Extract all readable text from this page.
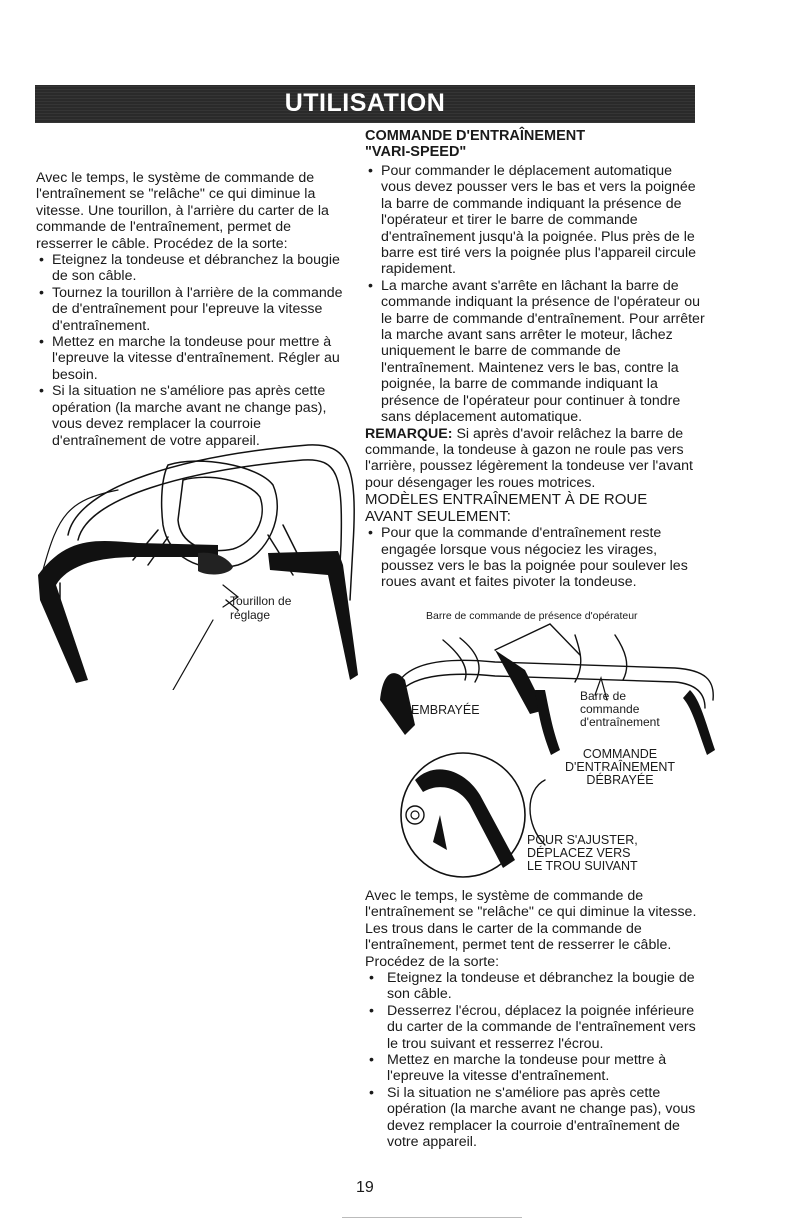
UTILISATION

Avec le temps, le système de commande de l'entraînement se "relâche" ce qui diminue la vitesse. Une tourillon, à l'arrière du carter de la commande de l'entraînement, permet de resserrer le câble. Procédez de la sorte:

• Eteignez la tondeuse et débranchez la bougie de son câble.
• Tournez la tourillon à l'arrière de la commande de d'entraînement pour l'epreuve la vitesse d'entraînement.
• Mettez en marche la tondeuse pour mettre à l'epreuve la vitesse d'entraînement. Régler au besoin.
• Si la situation ne s'améliore pas après cette opération (la marche avant ne change pas), vous devez remplacer la courroie d'entraînement de votre appareil.
Tourillon de
réglage

COMMANDE D'ENTRAÎNEMENT

"VARI-SPEED"

• Pour commander le déplacement automatique vous devez pousser vers le bas et vers la poignée la barre de commande indiquant la présence de l'opérateur et tirer le barre de commande d'entraînement jusqu'à la poignée. Plus près de le barre est tiré vers la poignée plus l'appareil circule rapidement.
• La marche avant s'arrête en lâchant la barre de commande indiquant la présence de l'opérateur ou le barre de commande d'entraînement. Pour arrêter la marche avant sans arrêter le moteur, lâchez uniquement le barre de commande de l'entraînement. Maintenez vers le bas, contre la poignée, la barre de commande indiquant la présence de l'opérateur pour continuer à tondre sans déplacement automatique.

REMARQUE: Si après d'avoir relâchez la barre de commande, la tondeuse à gazon ne roule pas vers l'arrière, poussez légèrement la tondeuse ver l'avant pour désengager les roues motrices.

MODÈLES ENTRAÎNEMENT À DE ROUE

AVANT SEULEMENT:

• Pour que la commande d'entraînement reste engagée lorsque vous négociez les virages, poussez vers le bas la poignée pour soulever les roues avant et faites pivoter la tondeuse.
Barre de commande de présence d'opérateur
EMBRAYÉE
Barre de
commande
d'entraînement
COMMANDE
D'ENTRAÎNEMENT
DÉBRAYÉE
POUR S'AJUSTER,
DÉPLACEZ VERS
LE TROU SUIVANT

Avec le temps, le système de commande de l'entraînement se "relâche" ce qui diminue la vitesse. Les trous dans le carter de la commande de l'entraînement, permet tent de resserrer le câble. Procédez de la sorte:

• Eteignez la tondeuse et débranchez la bougie de son câble.
• Desserrez l'écrou, déplacez la poignée inférieure du carter de la commande de l'entraînement vers le trou suivant et resserrez l'écrou.
• Mettez en marche la tondeuse pour mettre à l'epreuve la vitesse d'entraînement.
• Si la situation ne s'améliore pas après cette opération (la marche avant ne change pas), vous devez remplacer la courroie d'entraînement de votre appareil.
19
